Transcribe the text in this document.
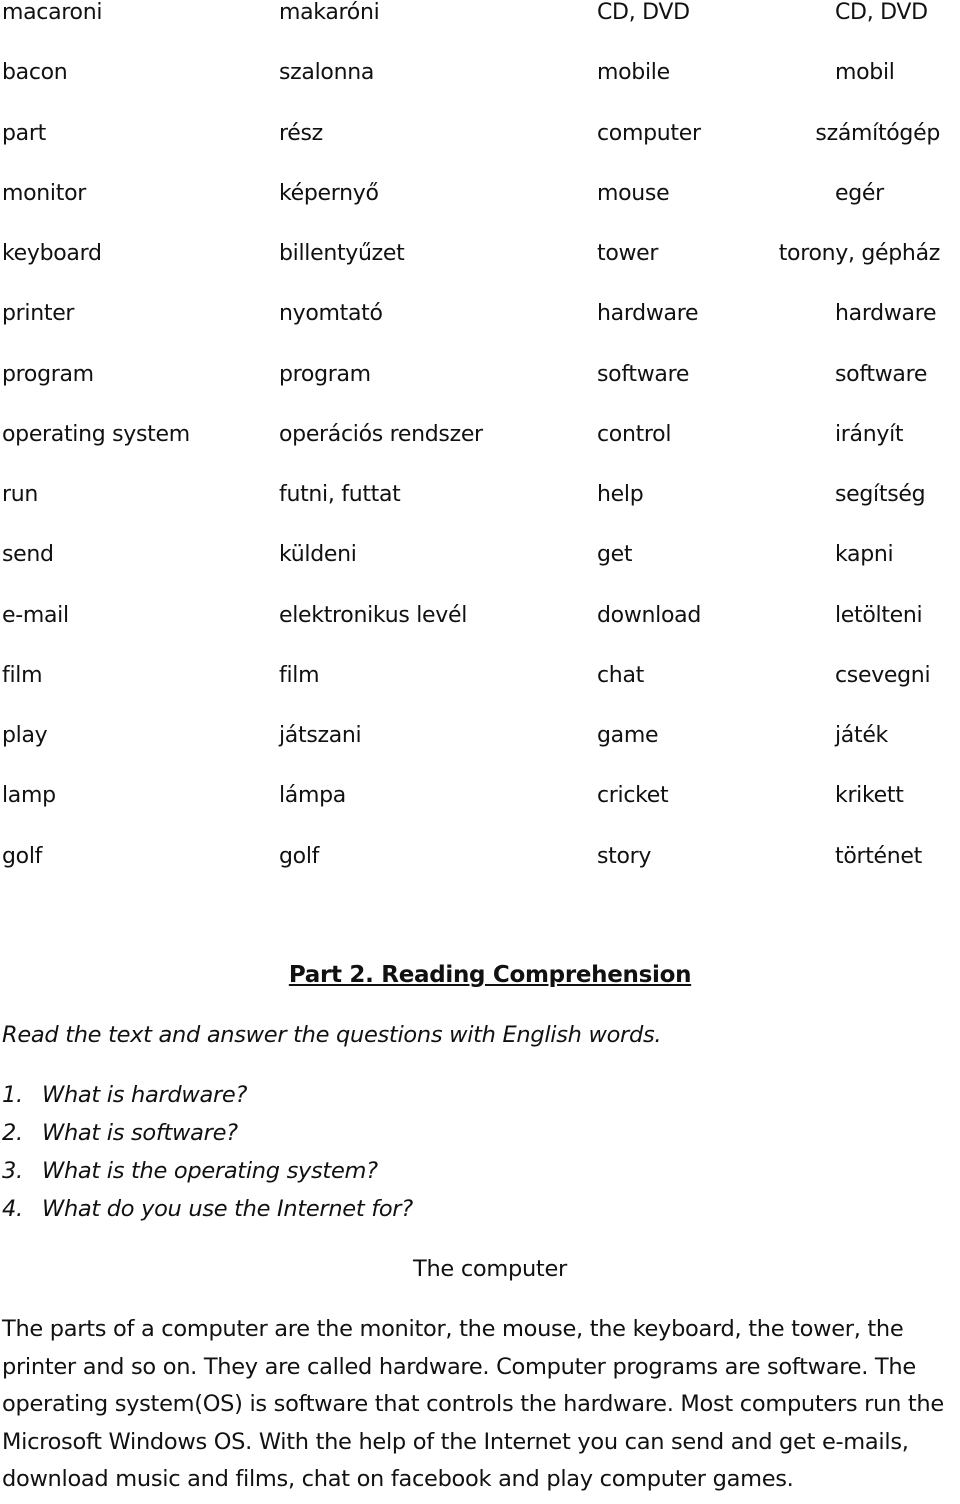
macaroni	makaróni	CD, DVD	CD, DVD
bacon	szalonna	mobile	mobil
part	rész	computer	számítógép
monitor	képernyő	mouse	egér
keyboard	billentyűzet	tower	torony, gépház
printer	nyomtató	hardware	hardware
program	program	software	software
operating system	operációs rendszer	control	irányít
run	futni, futtat	help	segítség
send	küldeni	get	kapni
e-mail	elektronikus levél	download	letölteni
film	film	chat	csevegni
play	játszani	game	játék
lamp	lámpa	cricket	krikett
golf	golf	story	történet
Part 2. Reading Comprehension
Read the text and answer the questions with English words.
1. What is hardware?
2. What is software?
3. What is the operating system?
4. What do you use the Internet for?
The computer
The parts of a computer are the monitor, the mouse, the keyboard, the tower, the
printer and so on. They are called hardware. Computer programs are software. The
operating system(OS) is software that controls the hardware. Most computers run the
Microsoft Windows OS. With the help of the Internet you can send and get e-mails,
download music and films, chat on facebook and play computer games.
